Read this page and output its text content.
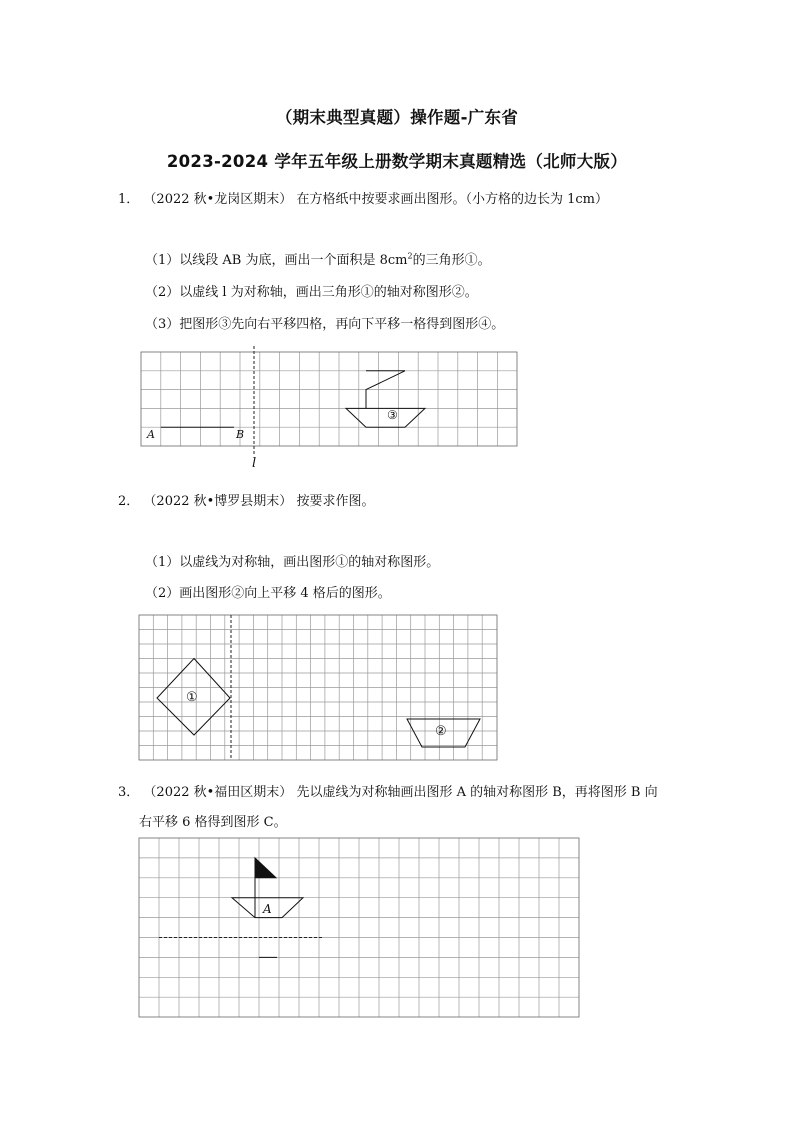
（期末典型真题）操作题-广东省
2023-2024 学年五年级上册数学期末真题精选（北师大版）
1． （2022 秋•龙岗区期末） 在方格纸中按要求画出图形。（小方格的边长为 1cm）
（1）以线段 AB 为底，画出一个面积是 $8cm^2$的三角形①。
（2）以虚线 l 为对称轴，画出三角形①的轴对称图形②。
（3）把图形③先向右平移四格，再向下平移一格得到图形④。
A	B
l
③
2． （2022 秋•博罗县期末） 按要求作图。
（1）以虚线为对称轴，画出图形①的轴对称图形。
（2）画出图形②向上平移 4 格后的图形。
①
②
3． （2022 秋•福田区期末） 先以虚线为对称轴画出图形 A 的轴对称图形 B，再将图形 B 向
右平移 6 格得到图形 C。
A
